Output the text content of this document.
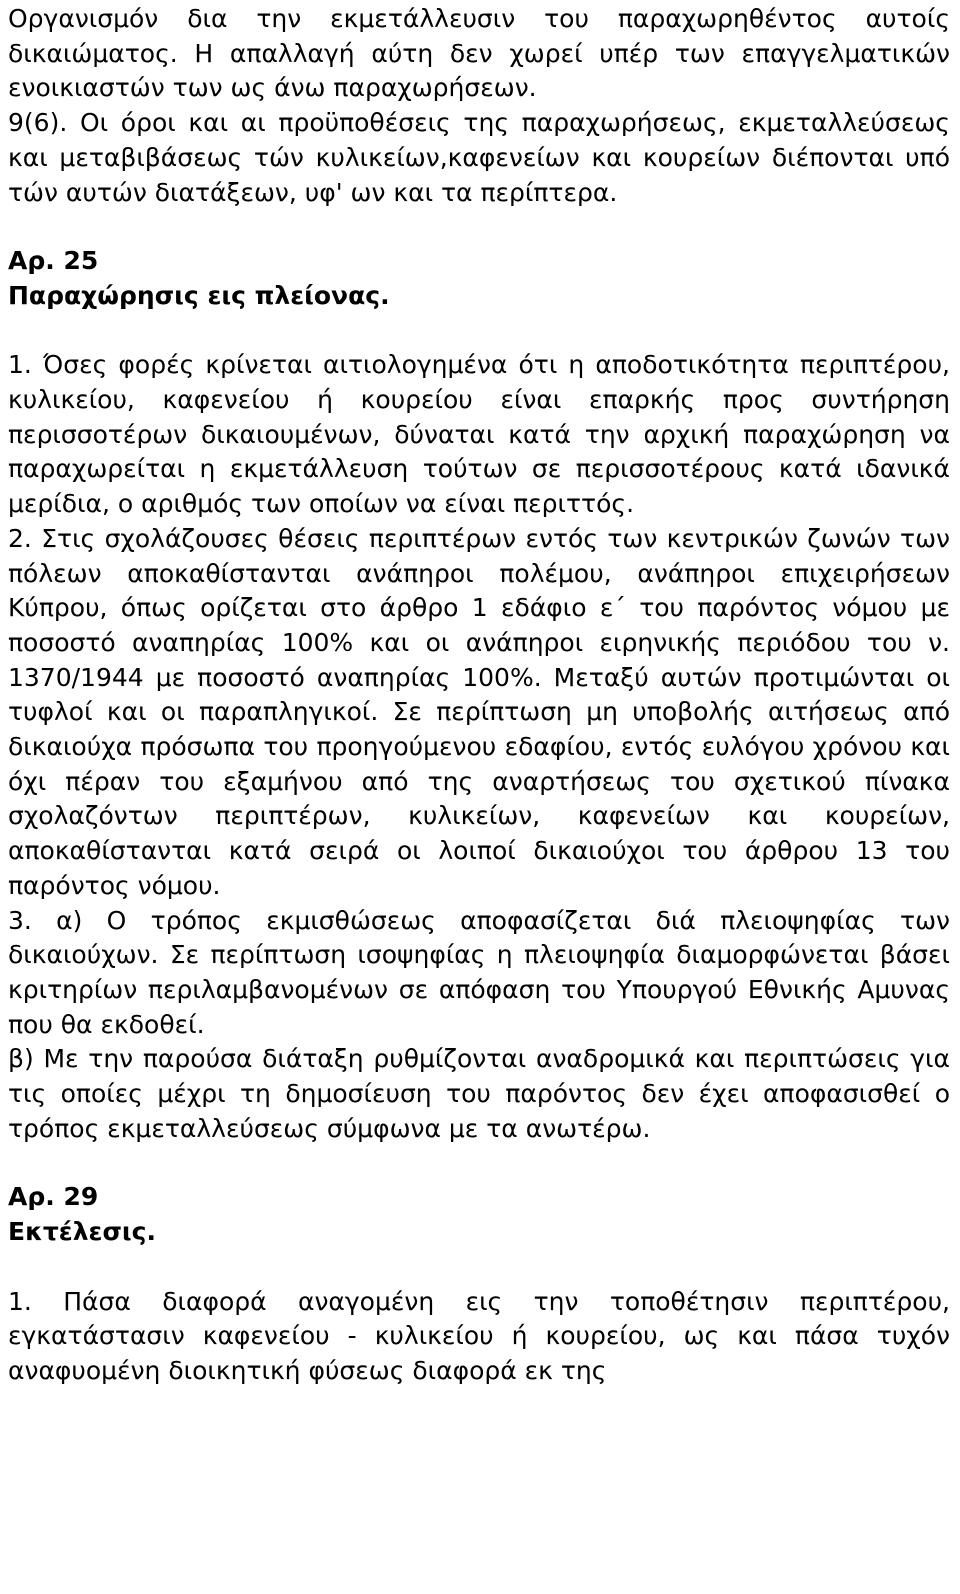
Οργανισμόν δια την εκμετάλλευσιν του παραχωρηθέντος αυτοίς δικαιώματος. Η απαλλαγή αύτη δεν χωρεί υπέρ των επαγγελματικών ενοικιαστών των ως άνω παραχωρήσεων.

9(6). Οι όροι και αι προϋποθέσεις της παραχωρήσεως, εκμεταλλεύσεως και μεταβιβάσεως τών κυλικείων,καφενείων και κουρείων διέπονται υπό τών αυτών διατάξεων, υφ' ων και τα περίπτερα.

Αρ. 25

Παραχώρησις εις πλείονας.

1. Όσες φορές κρίνεται αιτιολογημένα ότι η αποδοτικότητα περιπτέρου, κυλικείου, καφενείου ή κουρείου είναι επαρκής προς συντήρηση περισσοτέρων δικαιουμένων, δύναται κατά την αρχική παραχώρηση να παραχωρείται η εκμετάλλευση τούτων σε περισσοτέρους κατά ιδανικά μερίδια, ο αριθμός των οποίων να είναι περιττός.

2. Στις σχολάζουσες θέσεις περιπτέρων εντός των κεντρικών ζωνών των πόλεων αποκαθίστανται ανάπηροι πολέμου, ανάπηροι επιχειρήσεων Κύπρου, όπως ορίζεται στο άρθρο 1 εδάφιο ε΄ του παρόντος νόμου με ποσοστό αναπηρίας 100% και οι ανάπηροι ειρηνικής περιόδου του ν. 1370/1944 με ποσοστό αναπηρίας 100%. Μεταξύ αυτών προτιμώνται οι τυφλοί και οι παραπληγικοί. Σε περίπτωση μη υποβολής αιτήσεως από δικαιούχα πρόσωπα του προηγούμενου εδαφίου, εντός ευλόγου χρόνου και όχι πέραν του εξαμήνου από της αναρτήσεως του σχετικού πίνακα σχολαζόντων περιπτέρων, κυλικείων, καφενείων και κουρείων, αποκαθίστανται κατά σειρά οι λοιποί δικαιούχοι του άρθρου 13 του παρόντος νόμου.

3. α) Ο τρόπος εκμισθώσεως αποφασίζεται διά πλειοψηφίας των δικαιούχων. Σε περίπτωση ισοψηφίας η πλειοψηφία διαμορφώνεται βάσει κριτηρίων περιλαμβανομένων σε απόφαση του Υπουργού Εθνικής Αμυνας που θα εκδοθεί.

β) Με την παρούσα διάταξη ρυθμίζονται αναδρομικά και περιπτώσεις για τις οποίες μέχρι τη δημοσίευση του παρόντος δεν έχει αποφασισθεί ο τρόπος εκμεταλλεύσεως σύμφωνα με τα ανωτέρω.

Αρ. 29

Εκτέλεσις.

1. Πάσα διαφορά αναγομένη εις την τοποθέτησιν περιπτέρου, εγκατάστασιν καφενείου - κυλικείου ή κουρείου, ως και πάσα τυχόν αναφυομένη διοικητική φύσεως διαφορά εκ της
